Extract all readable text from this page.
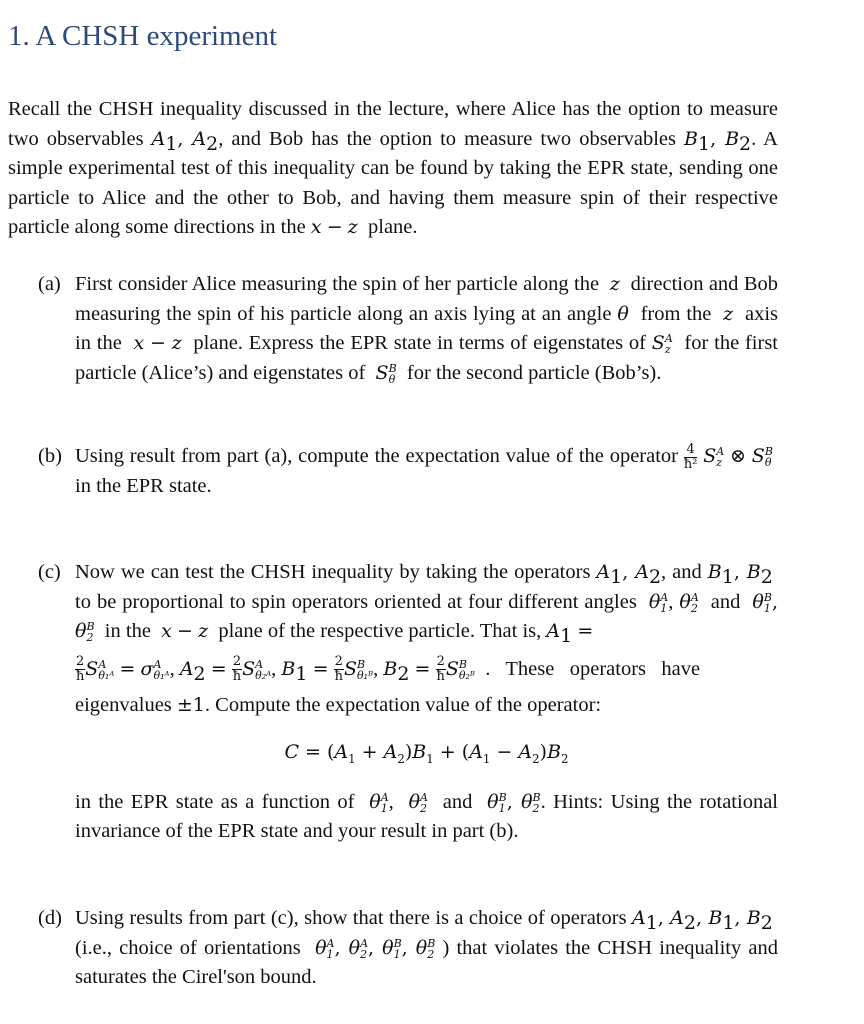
1. A CHSH experiment

Recall the CHSH inequality discussed in the lecture, where Alice has the option to measure two observables $A_1$, $A_2$, and Bob has the option to measure two observables $B_1$, $B_2$. A simple experimental test of this inequality can be found by taking the EPR state, sending one particle to Alice and the other to Bob, and having them measure spin of their respective particle along some directions in the x − z  plane.

(a) First consider Alice measuring the spin of her particle along the  z  direction and Bob measuring the spin of his particle along an axis lying at an angle θ  from the  z  axis in the  x − z  plane. Express the EPR state in terms of eigenstates of S A
z for the first particle (Alice’s) and eigenstates of  S B
θ for the second particle (Bob’s).
(b) Using result from part (a), compute the expectation value of the operator $\frac{4}{\text{ħ²}}$ S A
z ⊗ S B
θ in the EPR state.
(c) Now we can test the CHSH inequality by taking the operators $A_1$, $A_2$, and $B_1$, $B_2$  to be proportional to spin operators oriented at four different angles  θ A
1 , θ A
2 and  θ B
1 , θ B
2 in the  x − z  plane of the respective particle. That is, $A_1$ =

$\frac{2}{ħ}$ S A
θ₁ᴬ = σ A
θ₁ᴬ , $A_2 = \frac{2}{ħ}$ S A
θ₂ᴬ , $B_1 = \frac{2}{ħ}$ S B
θ₁ᴮ , $B_2 = \frac{2}{ħ}$ S B
θ₂ᴮ .   These   operators   have
eigenvalues ±1. Compute the expectation value of the operator:
$C = (A_1 + A_2)B_1 + (A_1 - A_2)B_2$
in the EPR state as a function of  θ A
1 ,  θ A
2 and  θ B
1 , θ B
2 . Hints: Using the rotational invariance of the EPR state and your result in part (b).
(d) Using results from part (c), show that there is a choice of operators $A_1$, $A_2$, $B_1$, $B_2$  (i.e., choice of orientations  θ A
1 , θ A
2 , θ B
1 , θ B
2 ) that violates the CHSH inequality and saturates the Cirel'son bound.
